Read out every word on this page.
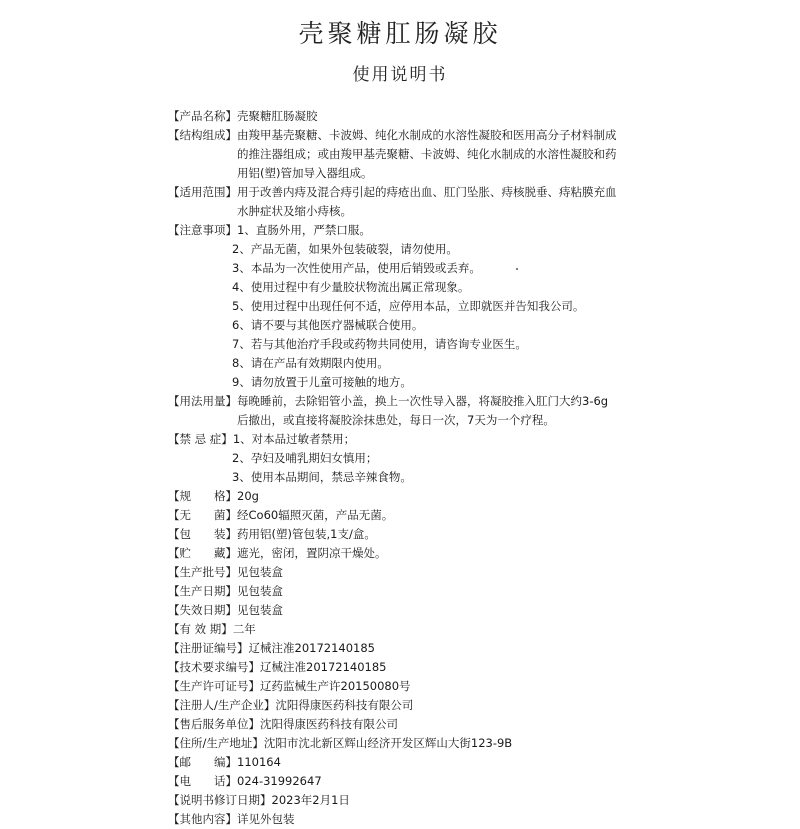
壳聚糖肛肠凝胶
使用说明书
【产品名称】 壳聚糖肛肠凝胶

【结构组成】 由羧甲基壳聚糖、卡波姆、纯化水制成的水溶性凝胶和医用高分子材料制成的推注器组成；或由羧甲基壳聚糖、卡波姆、纯化水制成的水溶性凝胶和药用铝(塑)管加导入器组成。

【适用范围】 用于改善内痔及混合痔引起的痔疮出血、肛门坠胀、痔核脱垂、痔粘膜充血水肿症状及缩小痔核。

【注意事项】 1、直肠外用，严禁口服。

2、产品无菌，如果外包装破裂，请勿使用。
3、本品为一次性使用产品，使用后销毁或丢弃。
4、使用过程中有少量胶状物流出属正常现象。
5、使用过程中出现任何不适，应停用本品，立即就医并告知我公司。
6、请不要与其他医疗器械联合使用。
7、若与其他治疗手段或药物共同使用，请咨询专业医生。
8、请在产品有效期限内使用。
9、请勿放置于儿童可接触的地方。
【用法用量】 每晚睡前，去除铝管小盖，换上一次性导入器，将凝胶推入肛门大约3-6g后撤出，或直接将凝胶涂抹患处，每日一次，7天为一个疗程。

【禁 忌 症】 1、对本品过敏者禁用；

2、孕妇及哺乳期妇女慎用；
3、使用本品期间，禁忌辛辣食物。
【规　　格】 20g

【无　　菌】 经Co60辐照灭菌，产品无菌。

【包　　装】 药用铝(塑)管包装,1支/盒。

【贮　　藏】 遮光，密闭，置阴凉干燥处。

【生产批号】 见包装盒

【生产日期】 见包装盒

【失效日期】 见包装盒

【有 效 期】 二年

【注册证编号】 辽械注准20172140185

【技术要求编号】 辽械注准20172140185

【生产许可证号】 辽药监械生产许20150080号

【注册人/生产企业】 沈阳得康医药科技有限公司

【售后服务单位】 沈阳得康医药科技有限公司

【住所/生产地址】 沈阳市沈北新区辉山经济开发区辉山大街123-9B

【邮　　编】 110164

【电　　话】 024-31992647

【说明书修订日期】 2023年2月1日

【其他内容】 详见外包装
